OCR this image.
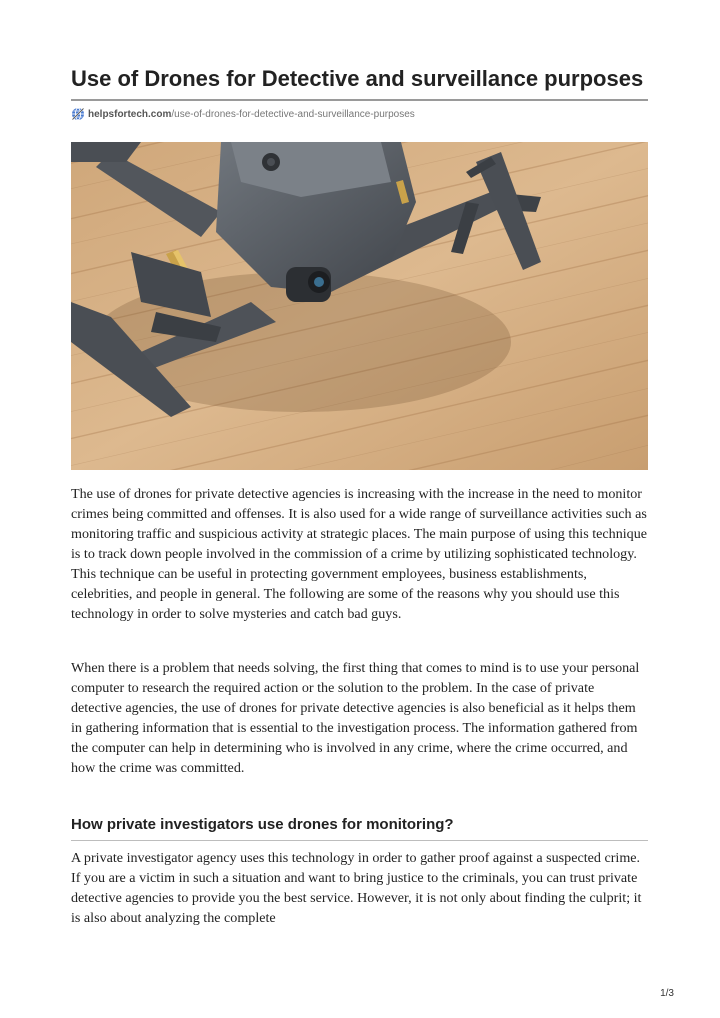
Use of Drones for Detective and surveillance purposes
helpsfortech.com/use-of-drones-for-detective-and-surveillance-purposes

The use of drones for private detective agencies is increasing with the increase in the need to monitor crimes being committed and offenses. It is also used for a wide range of surveillance activities such as monitoring traffic and suspicious activity at strategic places. The main purpose of using this technique is to track down people involved in the commission of a crime by utilizing sophisticated technology. This technique can be useful in protecting government employees, business establishments, celebrities, and people in general. The following are some of the reasons why you should use this technology in order to solve mysteries and catch bad guys.

When there is a problem that needs solving, the first thing that comes to mind is to use your personal computer to research the required action or the solution to the problem. In the case of private detective agencies, the use of drones for private detective agencies is also beneficial as it helps them in gathering information that is essential to the investigation process. The information gathered from the computer can help in determining who is involved in any crime, where the crime occurred, and how the crime was committed.

How private investigators use drones for monitoring?

A private investigator agency uses this technology in order to gather proof against a suspected crime. If you are a victim in such a situation and want to bring justice to the criminals, you can trust private detective agencies to provide you the best service. However, it is not only about finding the culprit; it is also about analyzing the complete

1/3
